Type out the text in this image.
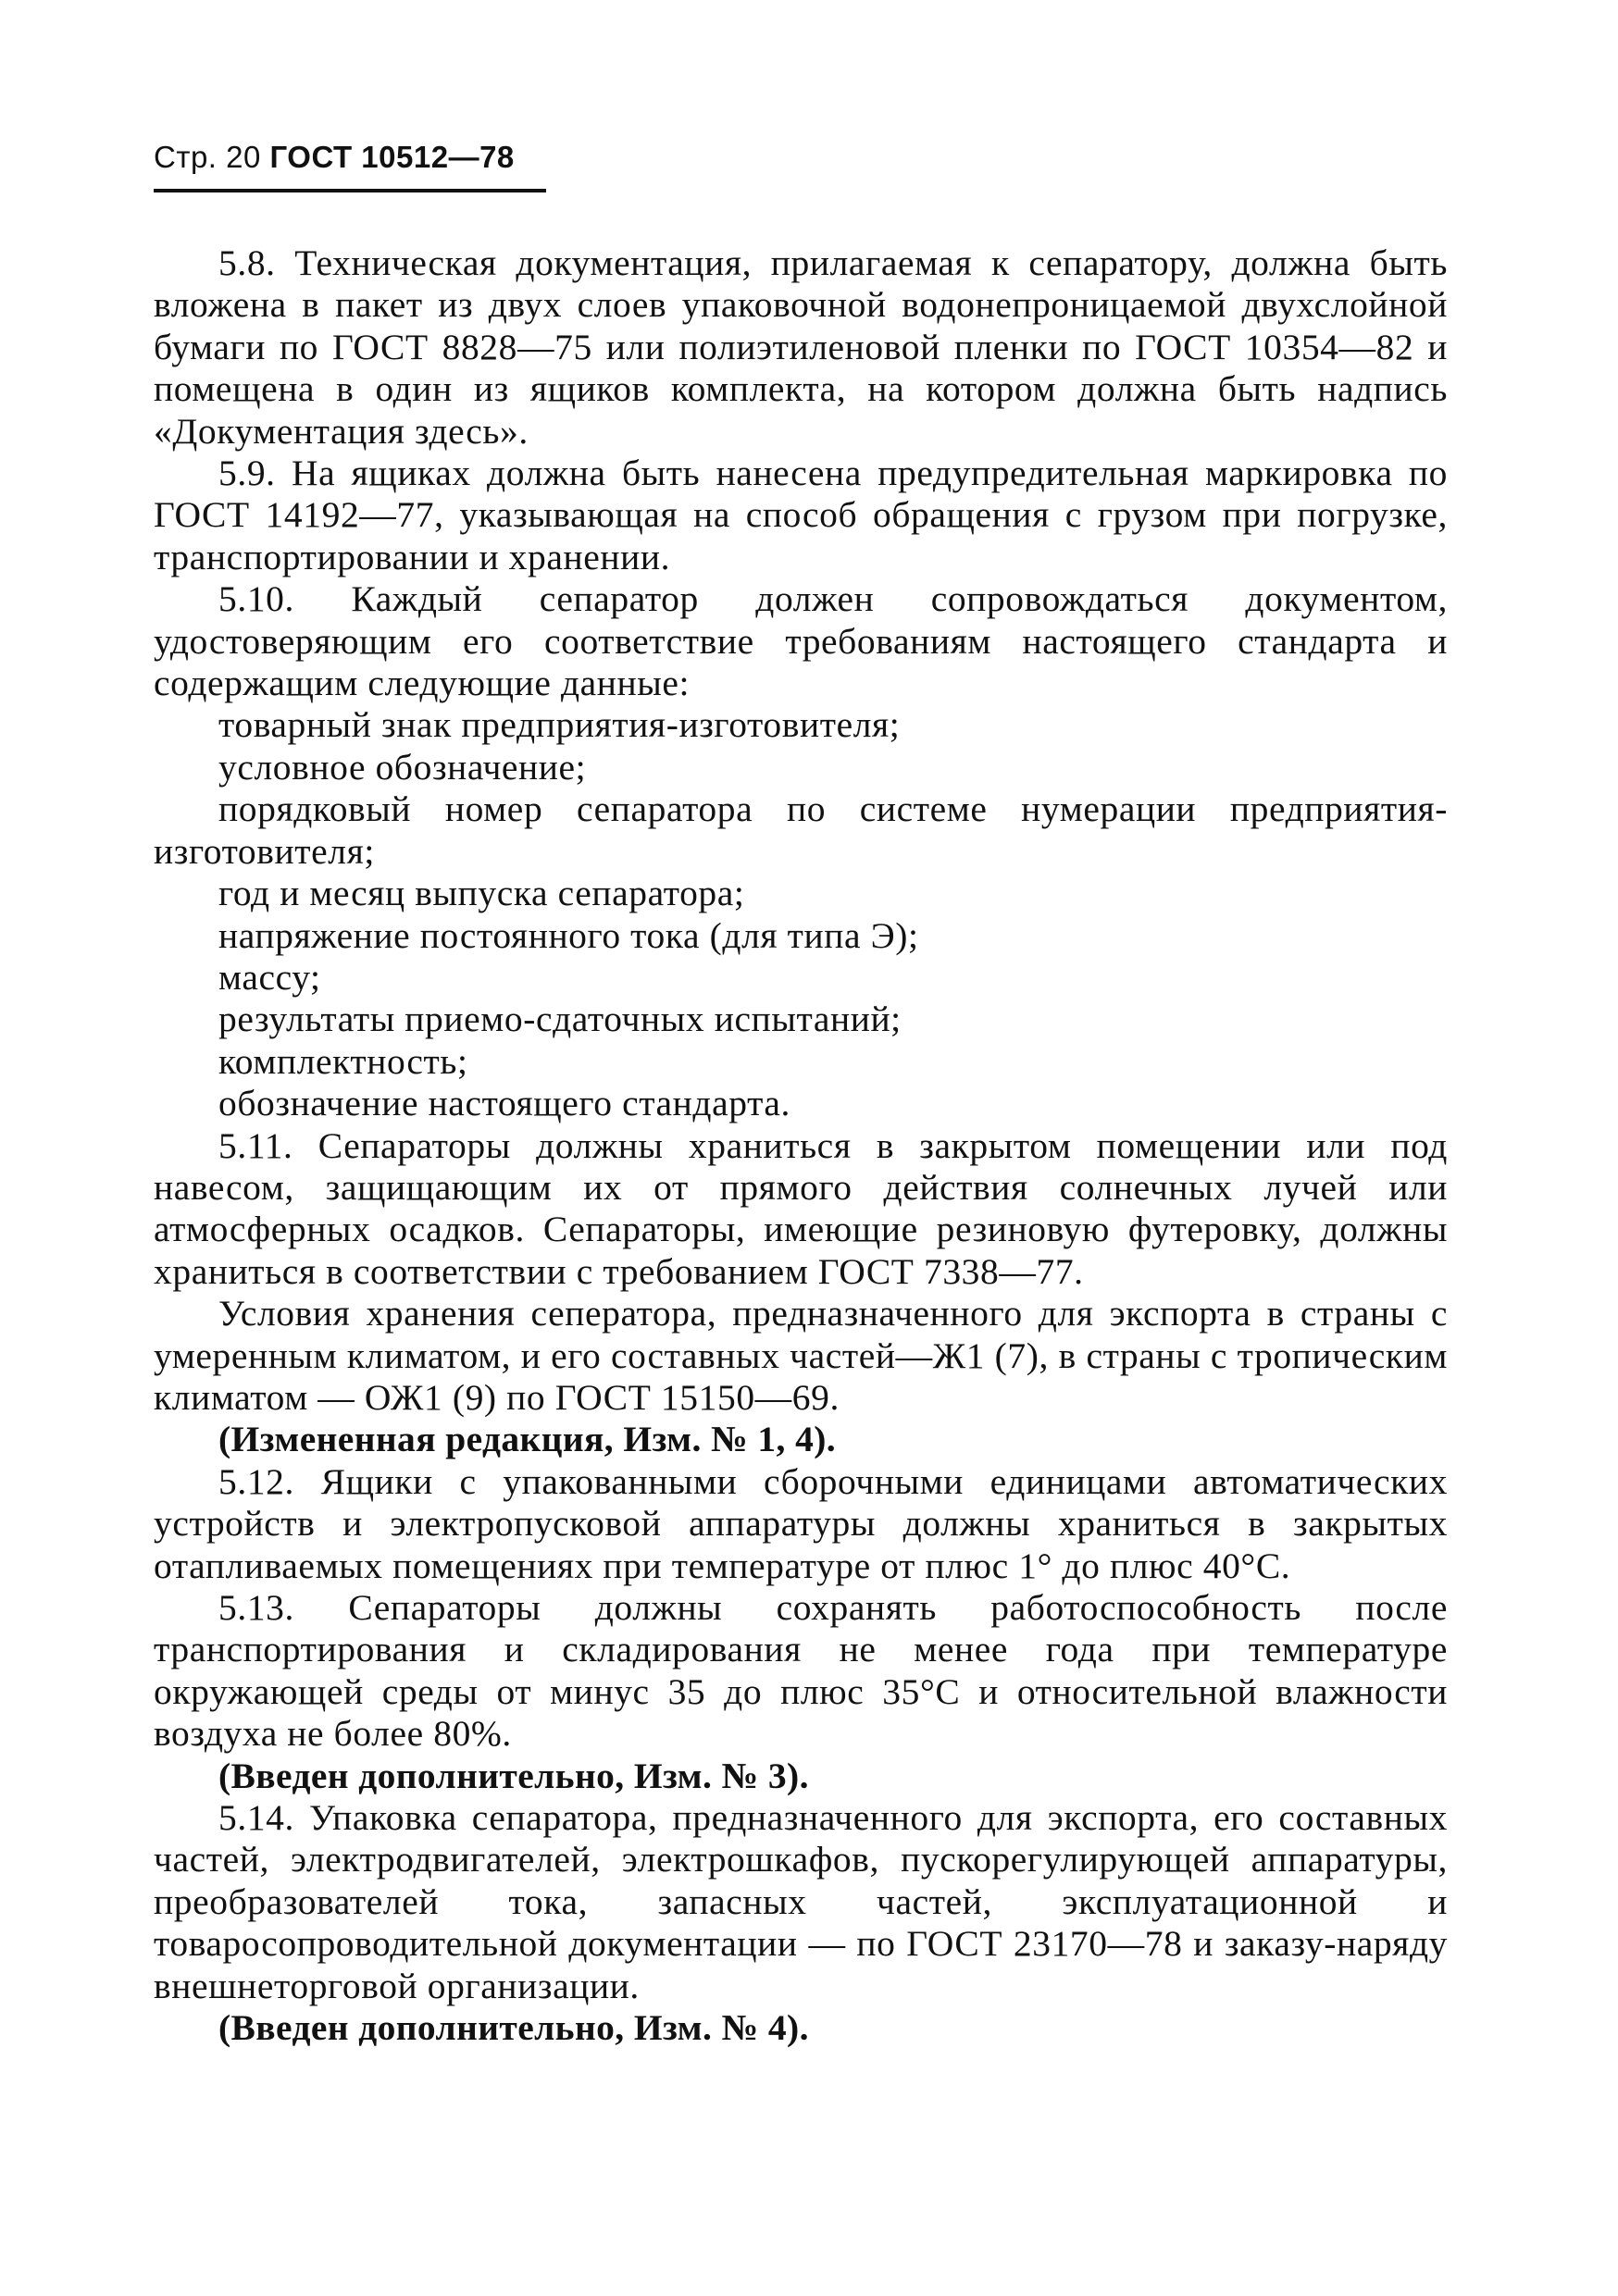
Стр. 20 ГОСТ 10512—78

5.8. Техническая документация, прилагаемая к сепаратору, должна быть вложена в пакет из двух слоев упаковочной водонепроницаемой двухслойной бумаги по ГОСТ 8828—75 или полиэтиленовой пленки по ГОСТ 10354—82 и помещена в один из ящиков комплекта, на котором должна быть надпись «Документация здесь».

5.9. На ящиках должна быть нанесена предупредительная маркировка по ГОСТ 14192—77, указывающая на способ обращения с грузом при погрузке, транспортировании и хранении.

5.10. Каждый сепаратор должен сопровождаться документом, удостоверяющим его соответствие требованиям настоящего стандарта и содержащим следующие данные:

товарный знак предприятия-изготовителя;

условное обозначение;

порядковый номер сепаратора по системе нумерации предприятия-изготовителя;

год и месяц выпуска сепаратора;

напряжение постоянного тока (для типа Э);

массу;

результаты приемо-сдаточных испытаний;

комплектность;

обозначение настоящего стандарта.

5.11. Сепараторы должны храниться в закрытом помещении или под навесом, защищающим их от прямого действия солнечных лучей или атмосферных осадков. Сепараторы, имеющие резиновую футеровку, должны храниться в соответствии с требованием ГОСТ 7338—77.

Условия хранения сеператора, предназначенного для экспорта в страны с умеренным климатом, и его составных частей—Ж1 (7), в страны с тропическим климатом — ОЖ1 (9) по ГОСТ 15150—69.

(Измененная редакция, Изм. № 1, 4).

5.12. Ящики с упакованными сборочными единицами автоматических устройств и электропусковой аппаратуры должны храниться в закрытых отапливаемых помещениях при температуре от плюс 1° до плюс 40°С.

5.13. Сепараторы должны сохранять работоспособность после транспортирования и складирования не менее года при температуре окружающей среды от минус 35 до плюс 35°С и относительной влажности воздуха не более 80%.

(Введен дополнительно, Изм. № 3).

5.14. Упаковка сепаратора, предназначенного для экспорта, его составных частей, электродвигателей, электрошкафов, пускорегулирующей аппаратуры, преобразователей тока, запасных частей, эксплуатационной и товаросопроводительной документации — по ГОСТ 23170—78 и заказу-наряду внешнеторговой организации.

(Введен дополнительно, Изм. № 4).
